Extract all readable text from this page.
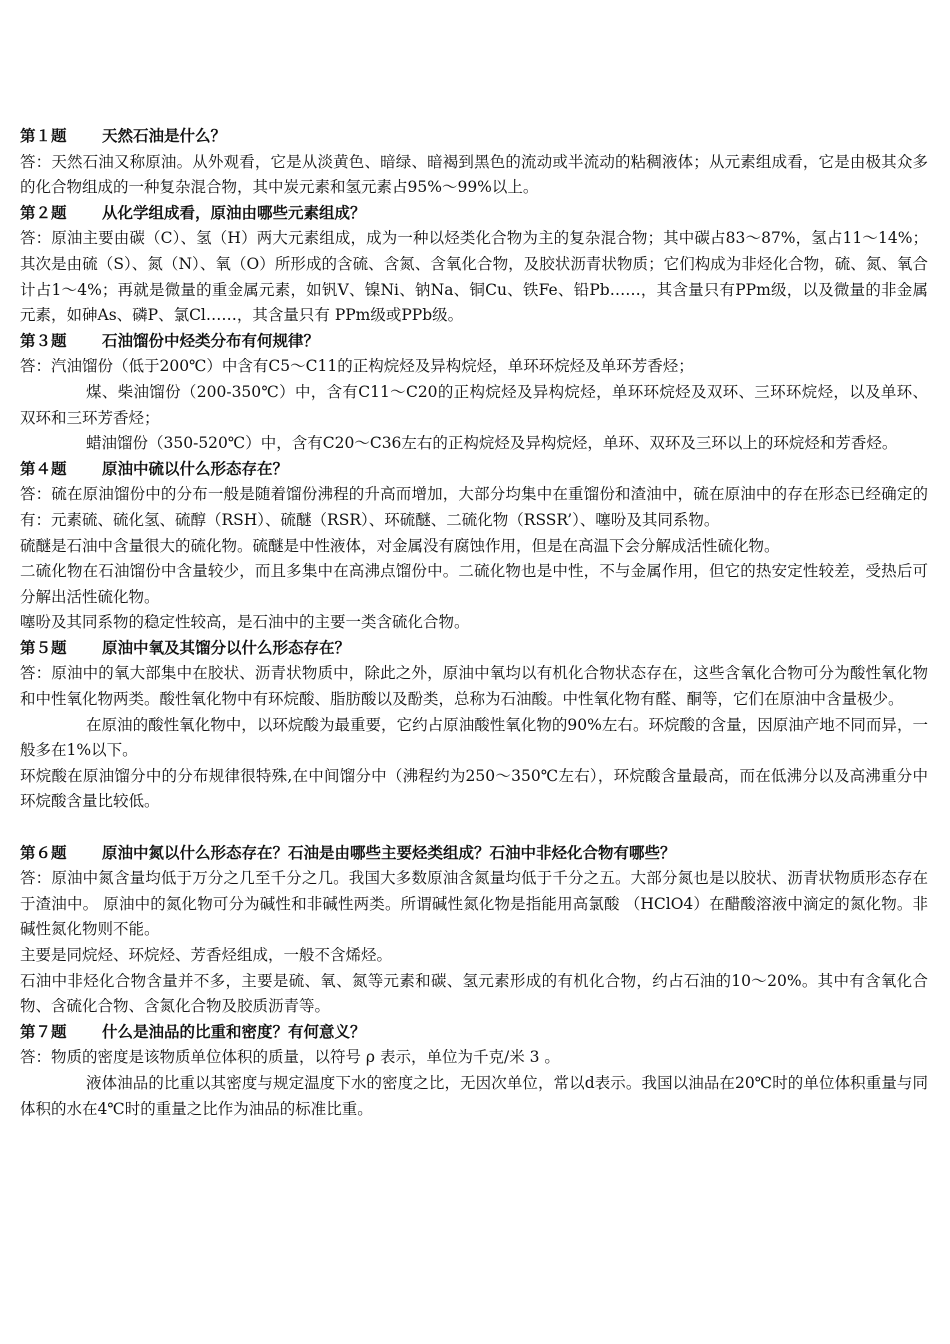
第１题 天然石油是什么？

答：天然石油又称原油。从外观看，它是从淡黄色、暗绿、暗褐到黑色的流动或半流动的粘稠液体；从元素组成看，它是由极其众多的化合物组成的一种复杂混合物，其中炭元素和氢元素占95%～99%以上。

第２题 从化学组成看，原油由哪些元素组成？

答：原油主要由碳（C）、氢（H）两大元素组成，成为一种以烃类化合物为主的复杂混合物；其中碳占83～87%，氢占11～14%；其次是由硫（S）、氮（N）、氧（O）所形成的含硫、含氮、含氧化合物，及胶状沥青状物质；它们构成为非烃化合物，硫、氮、氧合计占1～4%；再就是微量的重金属元素，如钒V、镍Ni、钠Na、铜Cu、铁Fe、铅Pb……，其含量只有PPm级，以及微量的非金属元素，如砷As、磷P、氯Cl……，其含量只有 PPm级或PPb级。

第３题 石油馏份中烃类分布有何规律？

答：汽油馏份（低于200℃）中含有C5～C11的正构烷烃及异构烷烃，单环环烷烃及单环芳香烃；

煤、柴油馏份（200-350℃）中，含有C11～C20的正构烷烃及异构烷烃，单环环烷烃及双环、三环环烷烃，以及单环、双环和三环芳香烃；

蜡油馏份（350-520℃）中，含有C20～C36左右的正构烷烃及异构烷烃，单环、双环及三环以上的环烷烃和芳香烃。

第４题 原油中硫以什么形态存在？

答：硫在原油馏份中的分布一般是随着馏份沸程的升高而增加，大部分均集中在重馏份和渣油中，硫在原油中的存在形态已经确定的有：元素硫、硫化氢、硫醇（RSH）、硫醚（RSR）、环硫醚、二硫化物（RSSR’）、噻吩及其同系物。

硫醚是石油中含量很大的硫化物。硫醚是中性液体，对金属没有腐蚀作用，但是在高温下会分解成活性硫化物。

二硫化物在石油馏份中含量较少，而且多集中在高沸点馏份中。二硫化物也是中性，不与金属作用，但它的热安定性较差，受热后可分解出活性硫化物。

噻吩及其同系物的稳定性较高，是石油中的主要一类含硫化合物。

第５题 原油中氧及其馏分以什么形态存在？

答：原油中的氧大部集中在胶状、沥青状物质中，除此之外，原油中氧均以有机化合物状态存在，这些含氧化合物可分为酸性氧化物和中性氧化物两类。酸性氧化物中有环烷酸、脂肪酸以及酚类，总称为石油酸。中性氧化物有醛、酮等，它们在原油中含量极少。

在原油的酸性氧化物中，以环烷酸为最重要，它约占原油酸性氧化物的90%左右。环烷酸的含量，因原油产地不同而异，一般多在1%以下。

环烷酸在原油馏分中的分布规律很特殊,在中间馏分中（沸程约为250～350℃左右），环烷酸含量最高，而在低沸分以及高沸重分中环烷酸含量比较低。

第６题 原油中氮以什么形态存在？石油是由哪些主要烃类组成？石油中非烃化合物有哪些？

答：原油中氮含量均低于万分之几至千分之几。我国大多数原油含氮量均低于千分之五。大部分氮也是以胶状、沥青状物质形态存在于渣油中。 原油中的氮化物可分为碱性和非碱性两类。所谓碱性氮化物是指能用高氯酸 （HClO4）在醋酸溶液中滴定的氮化物。非碱性氮化物则不能。

主要是同烷烃、环烷烃、芳香烃组成，一般不含烯烃。

石油中非烃化合物含量并不多，主要是硫、氧、氮等元素和碳、氢元素形成的有机化合物，约占石油的10～20%。其中有含氧化合物、含硫化合物、含氮化合物及胶质沥青等。

第７题 什么是油品的比重和密度？有何意义？

答：物质的密度是该物质单位体积的质量，以符号 ρ 表示，单位为千克/米 3 。

液体油品的比重以其密度与规定温度下水的密度之比，无因次单位，常以d表示。我国以油品在20℃时的单位体积重量与同体积的水在4℃时的重量之比作为油品的标准比重。
